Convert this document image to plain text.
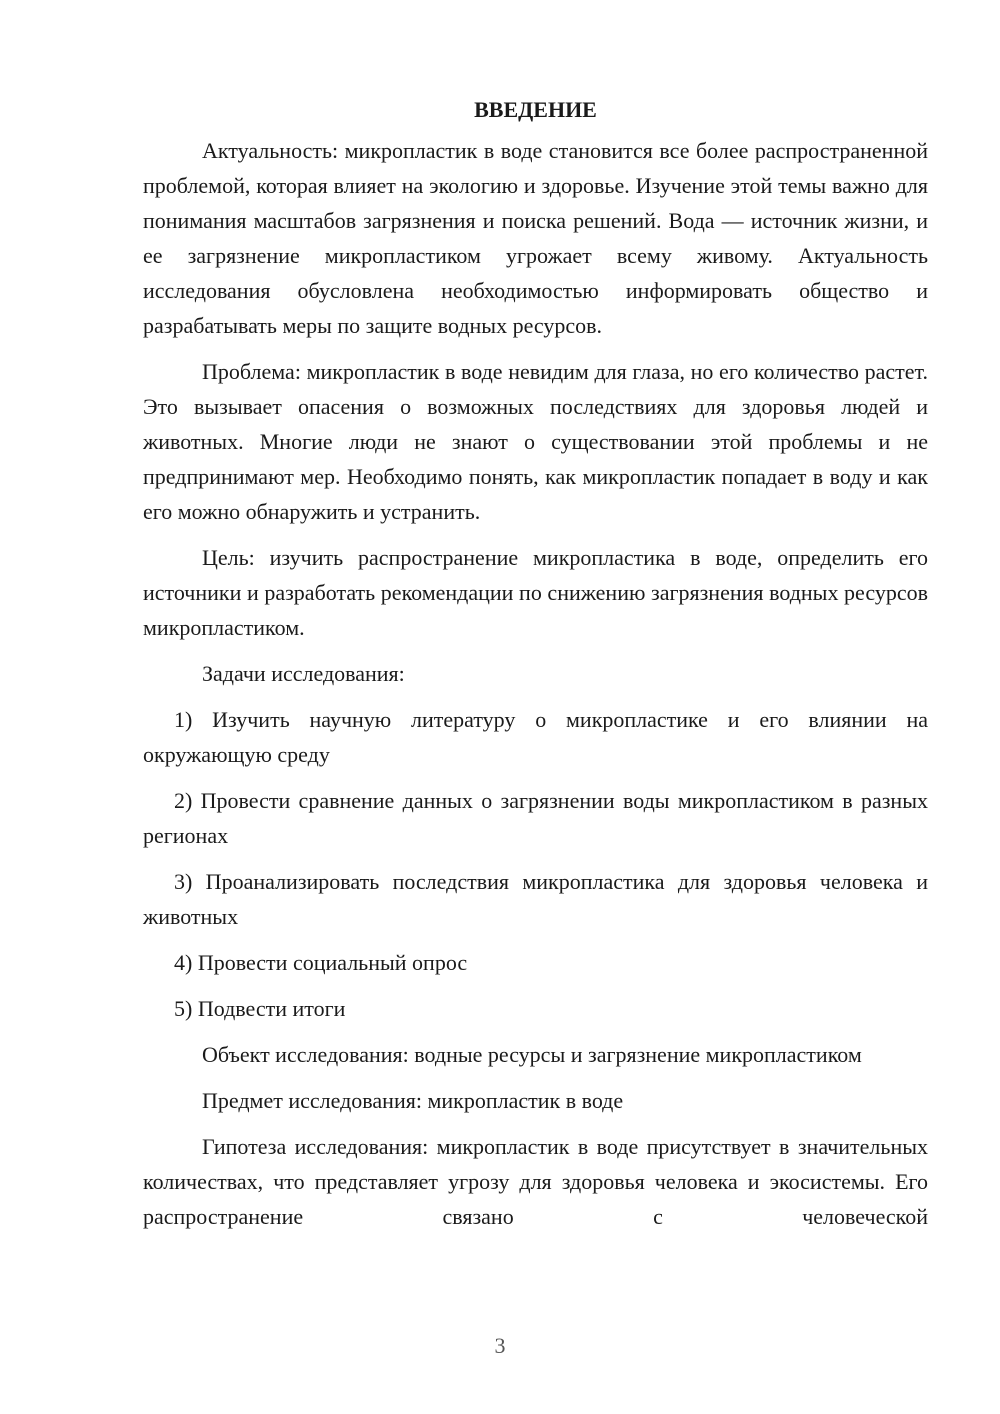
ВВЕДЕНИЕ

Актуальность: микропластик в воде становится все более распространенной проблемой, которая влияет на экологию и здоровье. Изучение этой темы важно для понимания масштабов загрязнения и поиска решений. Вода — источник жизни, и ее загрязнение микропластиком угрожает всему живому. Актуальность исследования обусловлена необходимостью информировать общество и разрабатывать меры по защите водных ресурсов.

Проблема: микропластик в воде невидим для глаза, но его количество растет. Это вызывает опасения о возможных последствиях для здоровья людей и животных. Многие люди не знают о существовании этой проблемы и не предпринимают мер. Необходимо понять, как микропластик попадает в воду и как его можно обнаружить и устранить.

Цель: изучить распространение микропластика в воде, определить его источники и разработать рекомендации по снижению загрязнения водных ресурсов микропластиком.

Задачи исследования:

1) Изучить научную литературу о микропластике и его влиянии на окружающую среду

2) Провести сравнение данных о загрязнении воды микропластиком в разных регионах

3) Проанализировать последствия микропластика для здоровья человека и животных

4) Провести социальный опрос

5) Подвести итоги

Объект исследования: водные ресурсы и загрязнение микропластиком

Предмет исследования: микропластик в воде

Гипотеза исследования: микропластик в воде присутствует в значительных количествах, что представляет угрозу для здоровья человека и экосистемы. Его распространение связано с человеческой

3
